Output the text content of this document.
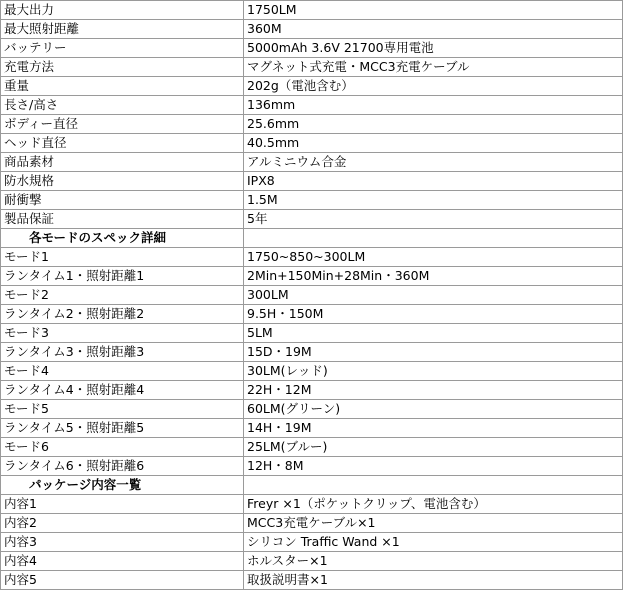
最大出力	1750LM
最大照射距離	360M
バッテリー	5000mAh 3.6V 21700専用電池
充電方法	マグネット式充電・MCC3充電ケーブル
重量	202g（電池含む）
長さ/高さ	136mm
ボディー直径	25.6mm
ヘッド直径	40.5mm
商品素材	アルミニウム合金
防水規格	IPX8
耐衝撃	1.5M
製品保証	5年
各モードのスペック詳細	
モード1	1750~850~300LM
ランタイム1・照射距離1	2Min+150Min+28Min・360M
モード2	300LM
ランタイム2・照射距離2	9.5H・150M
モード3	5LM
ランタイム3・照射距離3	15D・19M
モード4	30LM(レッド)
ランタイム4・照射距離4	22H・12M
モード5	60LM(グリーン)
ランタイム5・照射距離5	14H・19M
モード6	25LM(ブルー)
ランタイム6・照射距離6	12H・8M
パッケージ内容一覧	
内容1	Freyr ×1（ポケットクリップ、電池含む）
内容2	MCC3充電ケーブル×1
内容3	シリコン Traffic Wand ×1
内容4	ホルスター×1
内容5	取扱説明書×1
